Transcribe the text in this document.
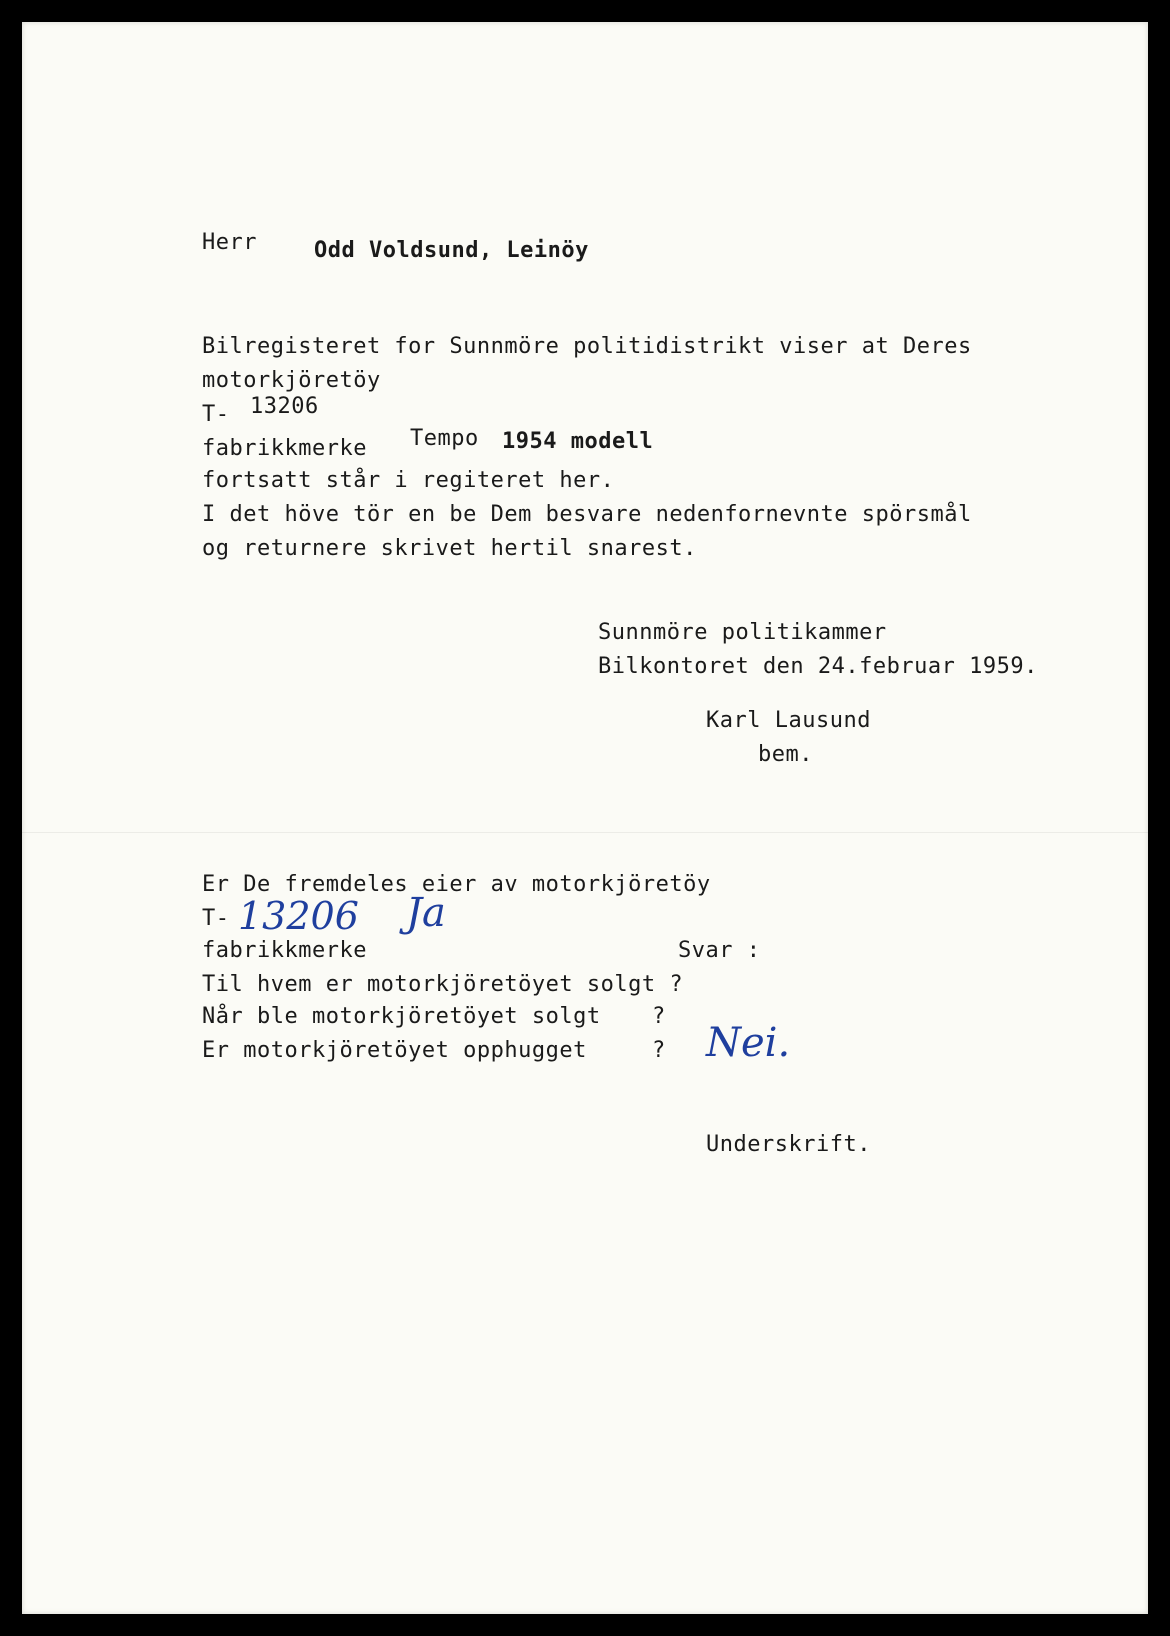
Herr	Odd Voldsund, Leinöy
Bilregisteret for Sunnmöre politidistrikt viser at Deres
motorkjöretöy
T- 13206
fabrikkmerke Tempo 1954 modell
fortsatt står i regiteret her.
I det höve tör en be Dem besvare nedenfornevnte spörsmål
og returnere skrivet hertil snarest.
Sunnmöre politikammer
Bilkontoret den 24.februar 1959.
Karl Lausund
bem.
Er De fremdeles eier av motorkjöretöy
T- 13206 Ja
fabrikkmerke	Svar :
Til hvem er motorkjöretöyet solgt ?
Når ble motorkjöretöyet solgt ?
Er motorkjöretöyet opphugget	? Nei.
Underskrift.
